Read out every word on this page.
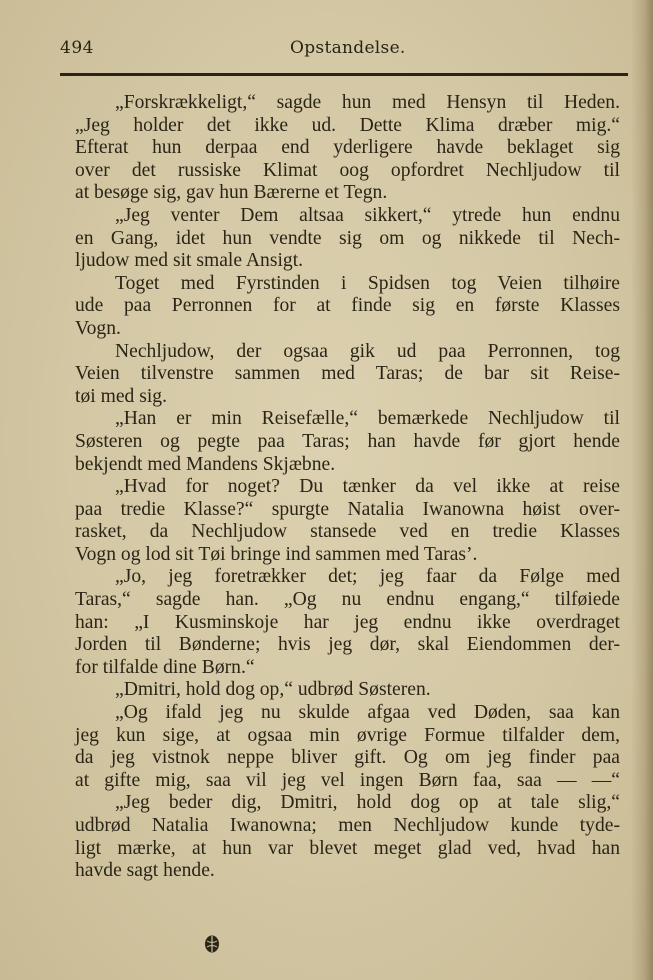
494	Opstandelse.
„Forskrækkeligt,“ sagde hun med Hensyn til Heden.
„Jeg holder det ikke ud. Dette Klima dræber mig.“
Efterat hun derpaa end yderligere havde beklaget sig
over det russiske Klimat oog opfordret Nechljudow til
at besøge sig, gav hun Bærerne et Tegn.
„Jeg venter Dem altsaa sikkert,“ ytrede hun endnu
en Gang, idet hun vendte sig om og nikkede til Nech-
ljudow med sit smale Ansigt.
Toget med Fyrstinden i Spidsen tog Veien tilhøire
ude paa Perronnen for at finde sig en første Klasses
Vogn.
Nechljudow, der ogsaa gik ud paa Perronnen, tog
Veien tilvenstre sammen med Taras; de bar sit Reise-
tøi med sig.
„Han er min Reisefælle,“ bemærkede Nechljudow til
Søsteren og pegte paa Taras; han havde før gjort hende
bekjendt med Mandens Skjæbne.
„Hvad for noget? Du tænker da vel ikke at reise
paa tredie Klasse?“ spurgte Natalia Iwanowna høist over-
rasket, da Nechljudow stansede ved en tredie Klasses
Vogn og lod sit Tøi bringe ind sammen med Taras’.
„Jo, jeg foretrækker det; jeg faar da Følge med
Taras,“ sagde han. „Og nu endnu engang,“ tilføiede
han: „I Kusminskoje har jeg endnu ikke overdraget
Jorden til Bønderne; hvis jeg dør, skal Eiendommen der-
for tilfalde dine Børn.“
„Dmitri, hold dog op,“ udbrød Søsteren.
„Og ifald jeg nu skulde afgaa ved Døden, saa kan
jeg kun sige, at ogsaa min øvrige Formue tilfalder dem,
da jeg vistnok neppe bliver gift. Og om jeg finder paa
at gifte mig, saa vil jeg vel ingen Børn faa, saa — —“
„Jeg beder dig, Dmitri, hold dog op at tale slig,“
udbrød Natalia Iwanowna; men Nechljudow kunde tyde-
ligt mærke, at hun var blevet meget glad ved, hvad han
havde sagt hende.
